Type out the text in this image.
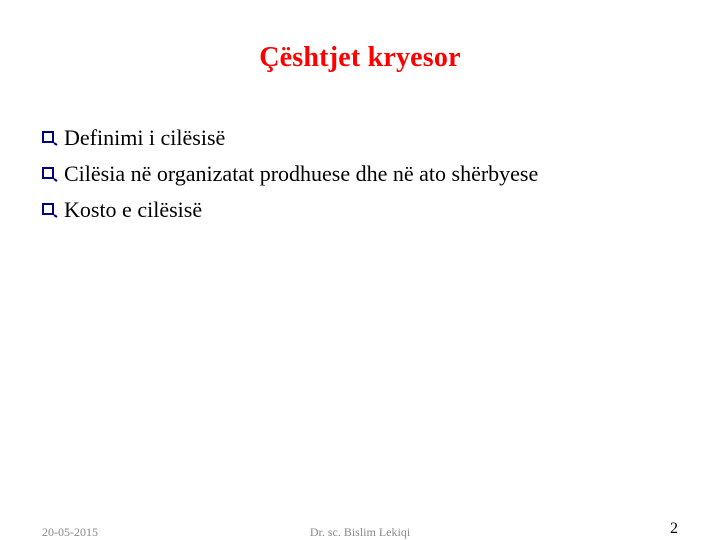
Çështjet kryesor
Definimi i cilësisë
Cilësia në organizatat prodhuese dhe në ato shërbyese
Kosto e cilësisë
20-05-2015	Dr. sc. Bislim Lekiqi	2
